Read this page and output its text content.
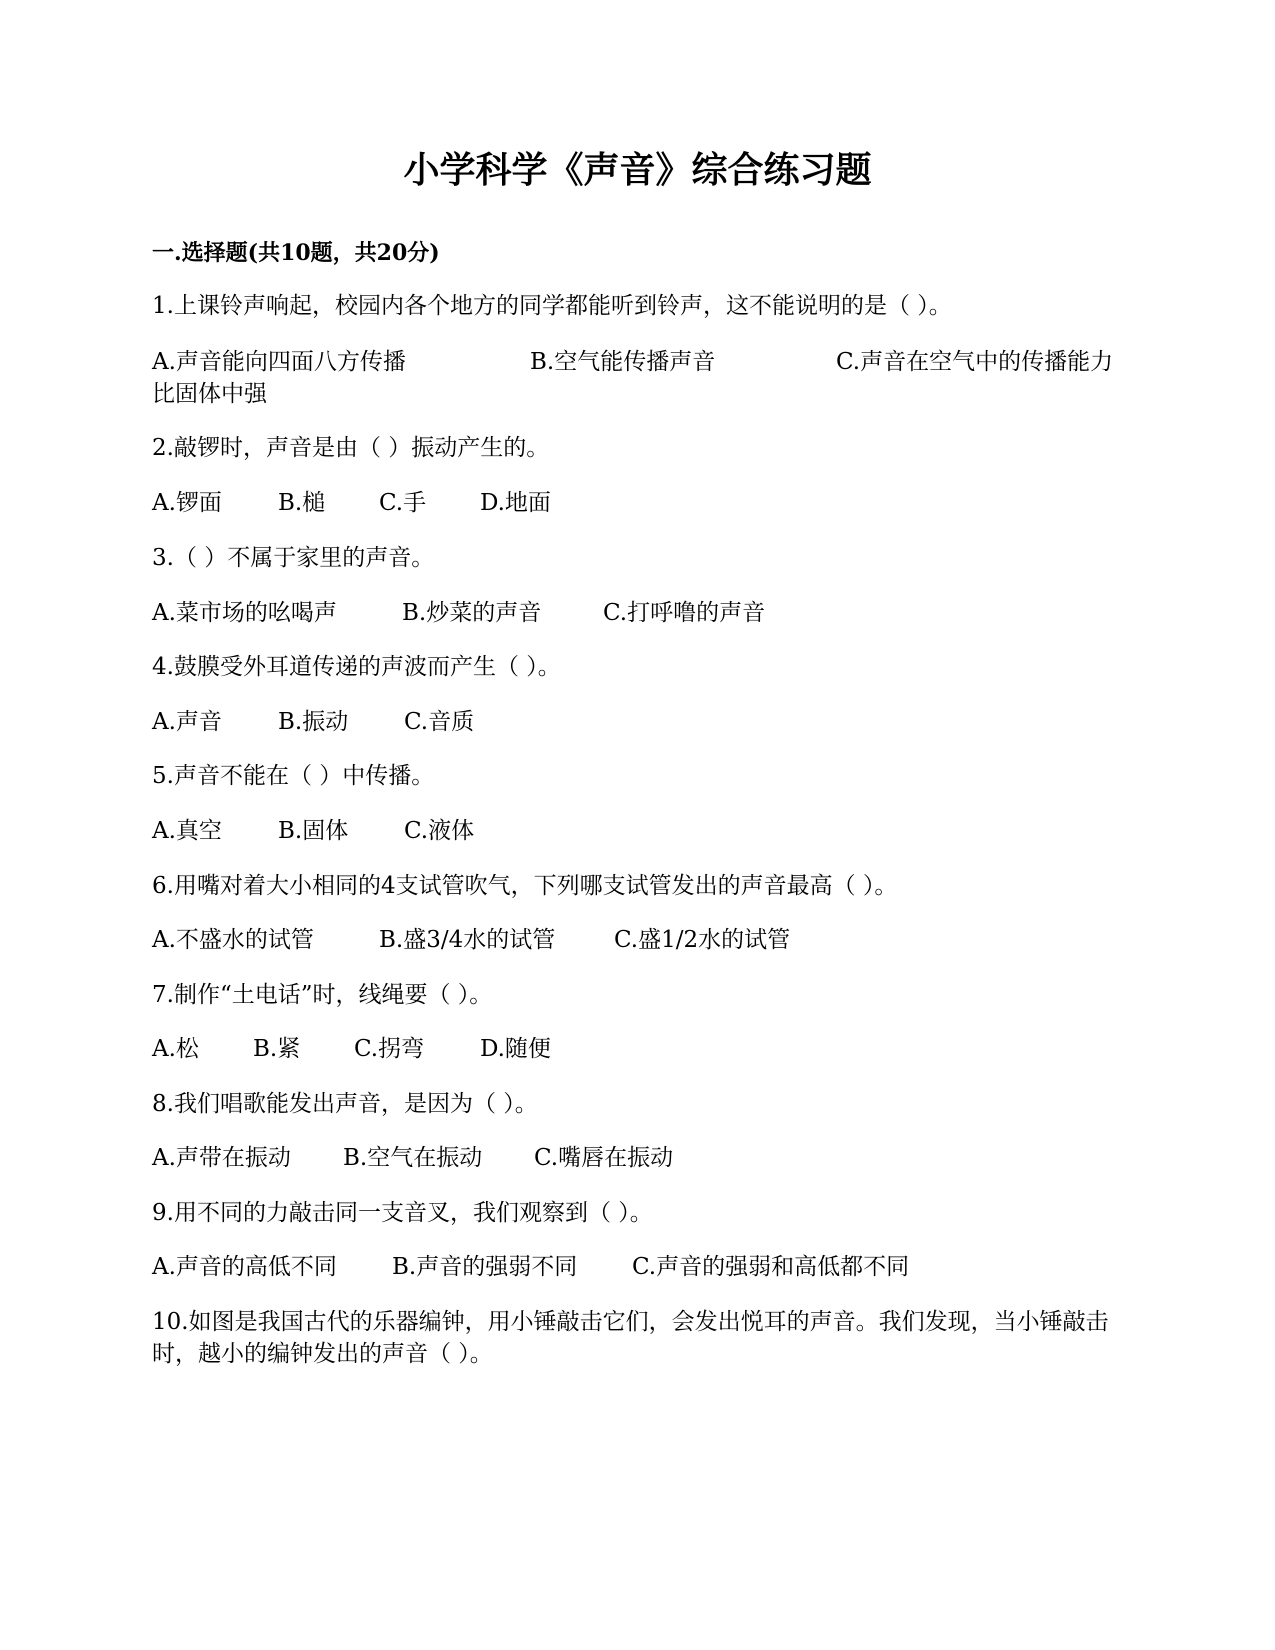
小学科学《声音》综合练习题
一.选择题(共10题，共20分)

1.上课铃声响起，校园内各个地方的同学都能听到铃声，这不能说明的是（ ）。

A.声音能向四面八方传播	B.空气能传播声音	C.声音在空气中的传播能力比固体中强

2.敲锣时，声音是由（ ）振动产生的。

A.锣面 B.槌 C.手 D.地面

3.（ ）不属于家里的声音。

A.菜市场的吆喝声	B.炒菜的声音	C.打呼噜的声音

4.鼓膜受外耳道传递的声波而产生（ ）。

A.声音 B.振动 C.音质

5.声音不能在（ ）中传播。

A.真空 B.固体 C.液体

6.用嘴对着大小相同的4支试管吹气，下列哪支试管发出的声音最高（ ）。

A.不盛水的试管	B.盛3/4水的试管	C.盛1/2水的试管

7.制作“土电话”时，线绳要（ ）。

A.松 B.紧 C.拐弯 D.随便

8.我们唱歌能发出声音，是因为（ ）。

A.声带在振动 B.空气在振动 C.嘴唇在振动

9.用不同的力敲击同一支音叉，我们观察到（ ）。

A.声音的高低不同 B.声音的强弱不同 C.声音的强弱和高低都不同

10.如图是我国古代的乐器编钟，用小锤敲击它们，会发出悦耳的声音。我们发现，当小锤敲击时，越小的编钟发出的声音（ ）。
